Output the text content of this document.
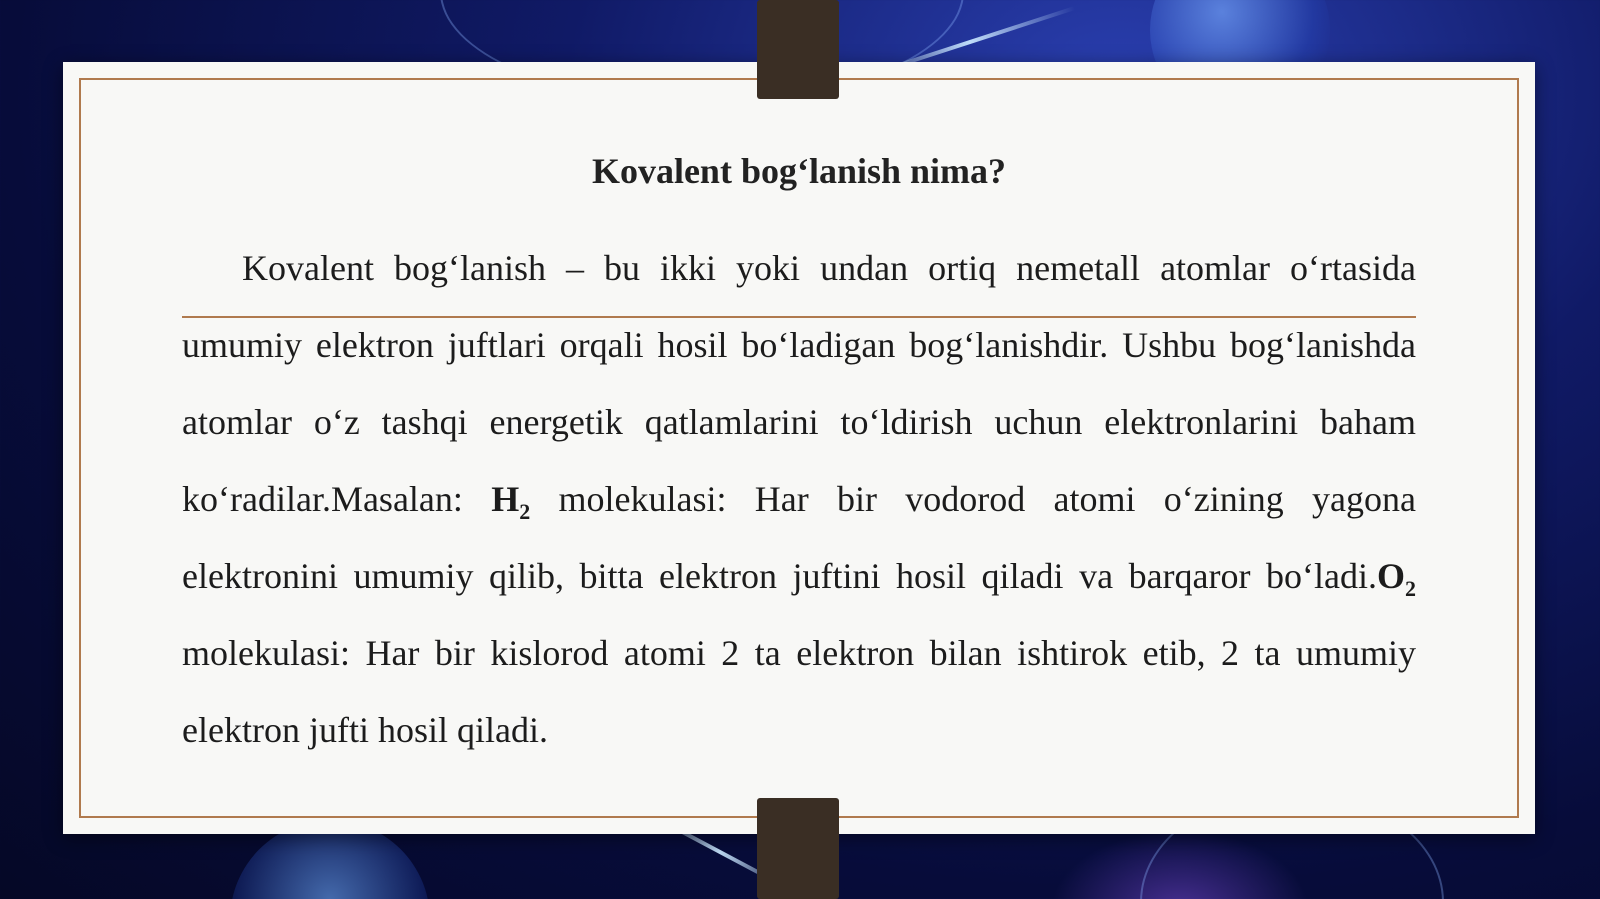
Kovalent bog‘lanish nima?

Kovalent bog‘lanish – bu ikki yoki undan ortiq nemetall atomlar o‘rtasida umumiy elektron juftlari orqali hosil bo‘ladigan bog‘lanishdir. Ushbu bog‘lanishda atomlar o‘z tashqi energetik qatlamlarini to‘ldirish uchun elektronlarini baham ko‘radilar.Masalan: $H_2$ molekulasi: Har bir vodorod atomi o‘zining yagona elektronini umumiy qilib, bitta elektron juftini hosil qiladi va barqaror $bo‘ladi.O_2$ molekulasi: Har bir kislorod atomi 2 ta elektron bilan ishtirok etib, 2 ta umumiy elektron jufti hosil qiladi.
